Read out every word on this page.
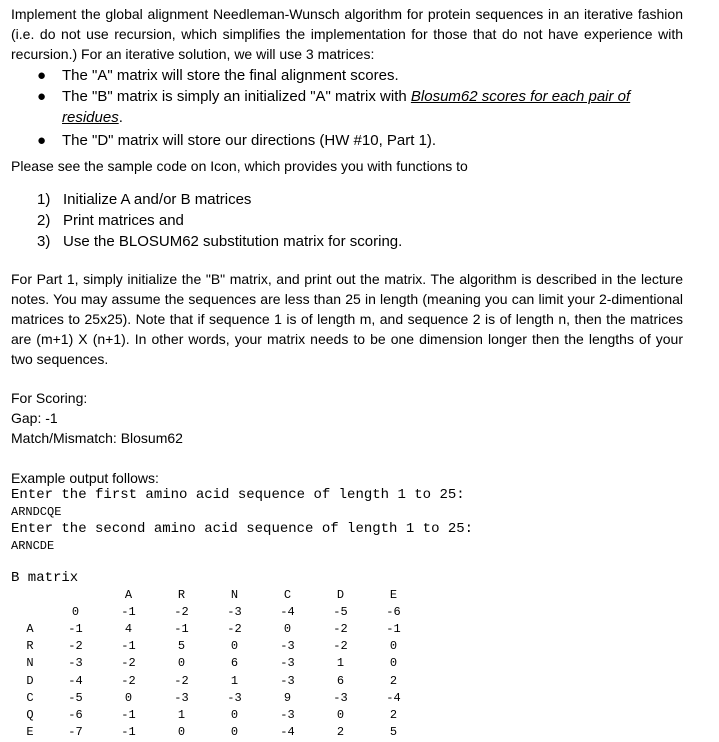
Implement the global alignment Needleman-Wunsch algorithm for protein sequences in an iterative fashion (i.e. do not use recursion, which simplifies the implementation for those that do not have experience with recursion.) For an iterative solution, we will use 3 matrices:

● The "A" matrix will store the final alignment scores.
● The "B" matrix is simply an initialized "A" matrix with Blosum62 scores for each pair of residues.
● The "D" matrix will store our directions (HW #10, Part 1).

Please see the sample code on Icon, which provides you with functions to

1) Initialize A and/or B matrices
2) Print matrices and
3) Use the BLOSUM62 substitution matrix for scoring.

For Part 1, simply initialize the "B" matrix, and print out the matrix. The algorithm is described in the lecture notes. You may assume the sequences are less than 25 in length (meaning you can limit your 2-dimentional matrices to 25x25). Note that if sequence 1 is of length m, and sequence 2 is of length n, then the matrices are (m+1) X (n+1). In other words, your matrix needs to be one dimension longer then the lengths of your two sequences.

For Scoring:

Gap: -1

Match/Mismatch: Blosum62

Example output follows:

Enter the first amino acid sequence of length 1 to 25:

ARNDCQE

Enter the second amino acid sequence of length 1 to 25:

ARNCDE

B matrix

		A	R	N	C	D	E
	0	-1	-2	-3	-4	-5	-6
A	-1	4	-1	-2	0	-2	-1
R	-2	-1	5	0	-3	-2	0
N	-3	-2	0	6	-3	1	0
D	-4	-2	-2	1	-3	6	2
C	-5	0	-3	-3	9	-3	-4
Q	-6	-1	1	0	-3	0	2
E	-7	-1	0	0	-4	2	5
